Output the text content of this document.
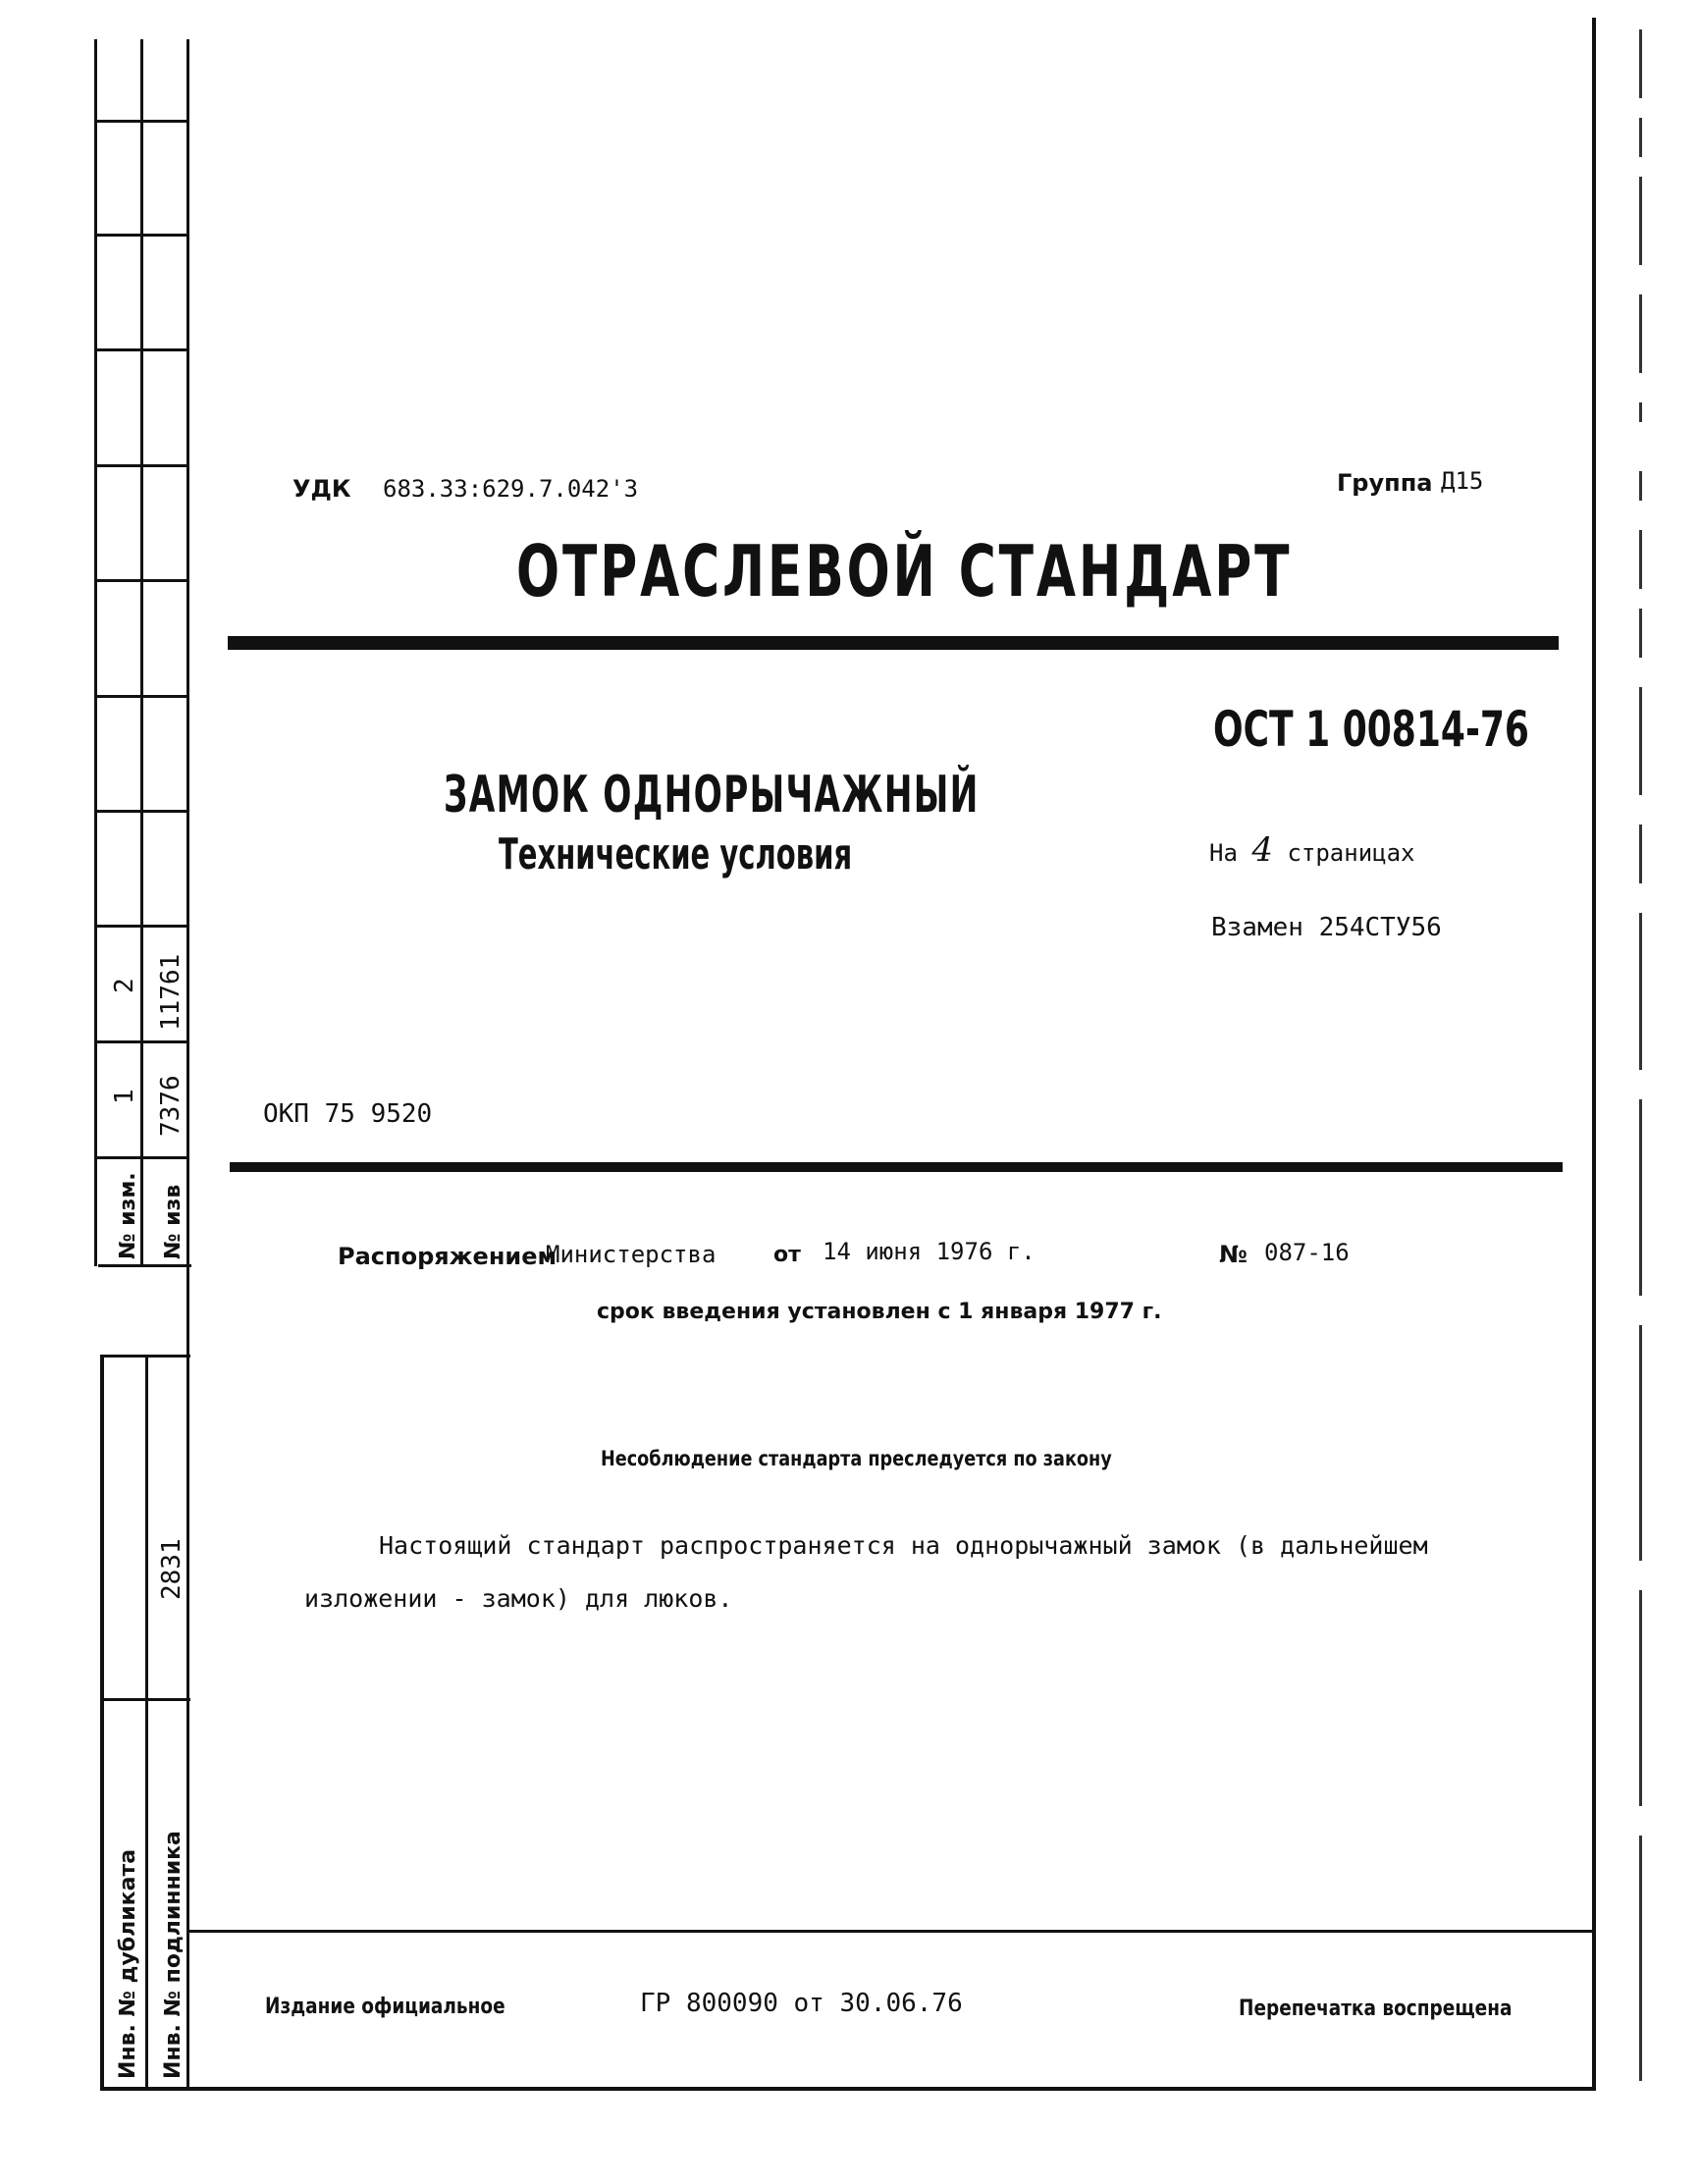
№ изм. № изв
1 7376
2 11761
2831
Инв. № дубликата Инв. № подлинника
УДК 683.33:629.7.042'3	Группа Д15
ОТРАСЛЕВОЙ СТАНДАРТ
ОСТ 1 00814-76
ЗАМОК ОДНОРЫЧАЖНЫЙ
Технические условия	На 4 страницах
Взамен 254СТУ56
ОКП 75 9520
Распоряжением
Министерства	от 14 июня 1976 г.	№ 087-16
срок введения установлен с 1 января 1977 г.
Несоблюдение стандарта преследуется по закону
Настоящий стандарт распространяется на однорычажный замок (в дальнейшем
изложении - замок) для люков.
Издание официальное	ГР 800090 от 30.06.76	Перепечатка воспрещена
